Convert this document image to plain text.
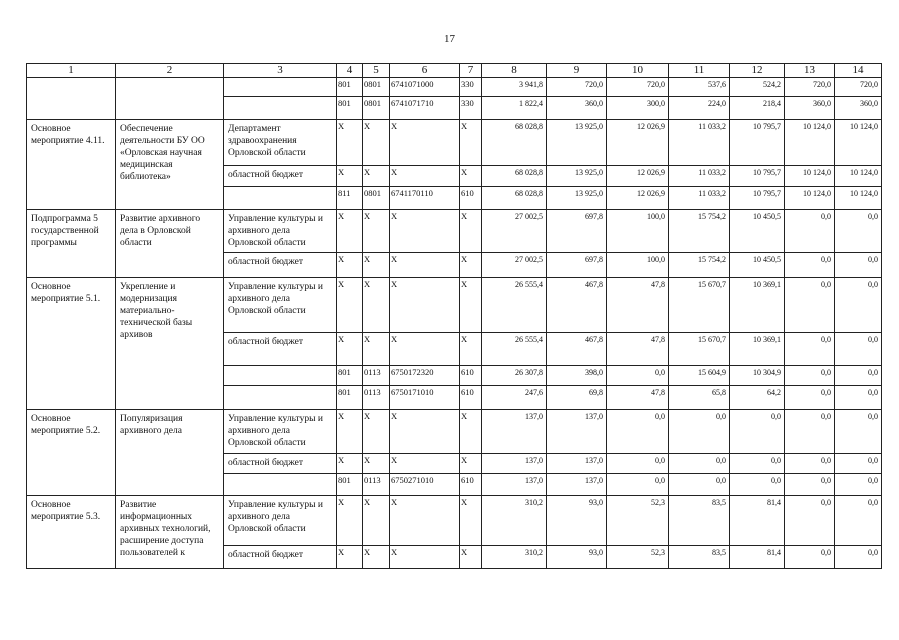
17
1	2	3	4	5	6	7	8	9	10	11	12	13	14
			801	0801	6741071000	330	3 941,8	720,0	720,0	537,6	524,2	720,0	720,0
			801	0801	6741071710	330	1 822,4	360,0	300,0	224,0	218,4	360,0	360,0
Основное мероприятие 4.11.	Обеспечение деятельности БУ ОО «Орловская научная медицинская библиотека»	Департамент здравоохранения Орловской области	X	X	X	X	68 028,8	13 925,0	12 026,9	11 033,2	10 795,7	10 124,0	10 124,0
		областной бюджет	X	X	X	X	68 028,8	13 925,0	12 026,9	11 033,2	10 795,7	10 124,0	10 124,0
			811	0801	6741170110	610	68 028,8	13 925,0	12 026,9	11 033,2	10 795,7	10 124,0	10 124,0
Подпрограмма 5 государственной программы	Развитие архивного дела в Орловской области	Управление культуры и архивного дела Орловской области	X	X	X	X	27 002,5	697,8	100,0	15 754,2	10 450,5	0,0	0,0
		областной бюджет	X	X	X	X	27 002,5	697,8	100,0	15 754,2	10 450,5	0,0	0,0
Основное мероприятие 5.1.	Укрепление и модернизация материально-технической базы архивов	Управление культуры и архивного дела Орловской области	X	X	X	X	26 555,4	467,8	47,8	15 670,7	10 369,1	0,0	0,0
		областной бюджет	X	X	X	X	26 555,4	467,8	47,8	15 670,7	10 369,1	0,0	0,0
			801	0113	6750172320	610	26 307,8	398,0	0,0	15 604,9	10 304,9	0,0	0,0
			801	0113	6750171010	610	247,6	69,8	47,8	65,8	64,2	0,0	0,0
Основное мероприятие 5.2.	Популяризация архивного дела	Управление культуры и архивного дела Орловской области	X	X	X	X	137,0	137,0	0,0	0,0	0,0	0,0	0,0
		областной бюджет	X	X	X	X	137,0	137,0	0,0	0,0	0,0	0,0	0,0
			801	0113	6750271010	610	137,0	137,0	0,0	0,0	0,0	0,0	0,0
Основное мероприятие 5.3.	Развитие информационных архивных технологий, расширение доступа пользователей к	Управление культуры и архивного дела Орловской области	X	X	X	X	310,2	93,0	52,3	83,5	81,4	0,0	0,0
		областной бюджет	X	X	X	X	310,2	93,0	52,3	83,5	81,4	0,0	0,0
